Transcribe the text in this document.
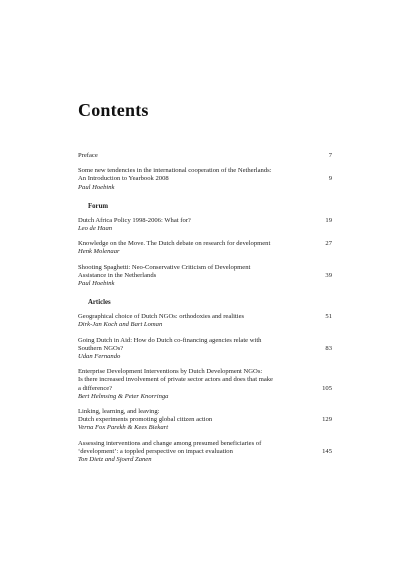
Contents
Preface	7
Some new tendencies in the international cooperation of the Netherlands:
An Introduction to Yearbook 2008
Paul Hoebink
9
Forum
Dutch Africa Policy 1998-2006: What for?
Leo de Haan
19
Knowledge on the Move. The Dutch debate on research for development
Henk Molenaar
27
Shooting Spaghetti: Neo-Conservative Criticism of Development
Assistance in the Netherlands
Paul Hoebink
39
Articles
Geographical choice of Dutch NGOs: orthodoxies and realities
Dirk-Jan Koch and Bart Loman
51
Going Dutch in Aid: How do Dutch co-financing agencies relate with
Southern NGOs?
Udan Fernando
83
Enterprise Development Interventions by Dutch Development NGOs:
Is there increased involvement of private sector actors and does that make
a difference?
Bert Helmsing & Peter Knorringa
105
Linking, learning, and leaving:
Dutch experiments promoting global citizen action
Verna Fox Parekh & Kees Biekart
129
Assessing interventions and change among presumed beneficiaries of
‘development’: a toppled perspective on impact evaluation
Ton Dietz and Sjoerd Zanen
145
